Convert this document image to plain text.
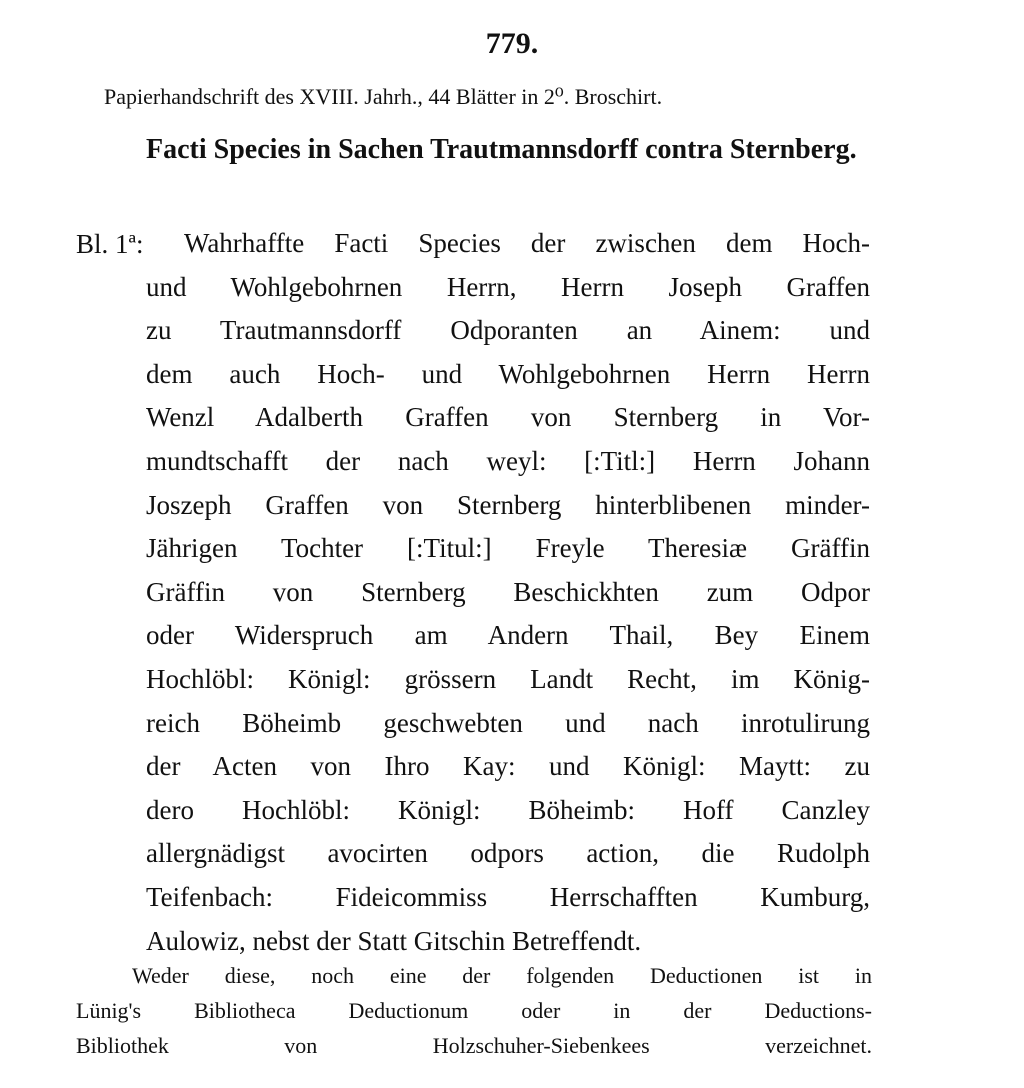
779.
Papierhandschrift des XVIII. Jahrh., 44 Blätter in 2⁰. Broschirt.
Facti Species in Sachen Trautmannsdorff contra Sternberg.
Bl. 1ª:	Wahrhaffte Facti Species der zwischen dem Hoch-
und Wohlgebohrnen Herrn, Herrn Joseph Graffen
zu Trautmannsdorff Odporanten an Ainem: und
dem auch Hoch- und Wohlgebohrnen Herrn Herrn
Wenzl Adalberth Graffen von Sternberg in Vor-
mundtschafft der nach weyl: [:Titl:] Herrn Johann
Joszeph Graffen von Sternberg hinterblibenen minder-
Jährigen Tochter [:Titul:] Freyle Theresiæ Gräffin
Gräffin von Sternberg Beschickhten zum Odpor
oder Widerspruch am Andern Thail, Bey Einem
Hochlöbl: Königl: grössern Landt Recht, im König-
reich Böheimb geschwebten und nach inrotulirung
der Acten von Ihro Kay: und Königl: Maytt: zu
dero Hochlöbl: Königl: Böheimb: Hoff Canzley
allergnädigst avocirten odpors action, die Rudolph
Teifenbach: Fideicommiss Herrschafften Kumburg,
Aulowiz, nebst der Statt Gitschin Betreffendt.
Weder diese, noch eine der folgenden Deductionen ist in
Lünig's Bibliotheca Deductionum oder in der Deductions-
Bibliothek von Holzschuher-Siebenkees verzeichnet.
